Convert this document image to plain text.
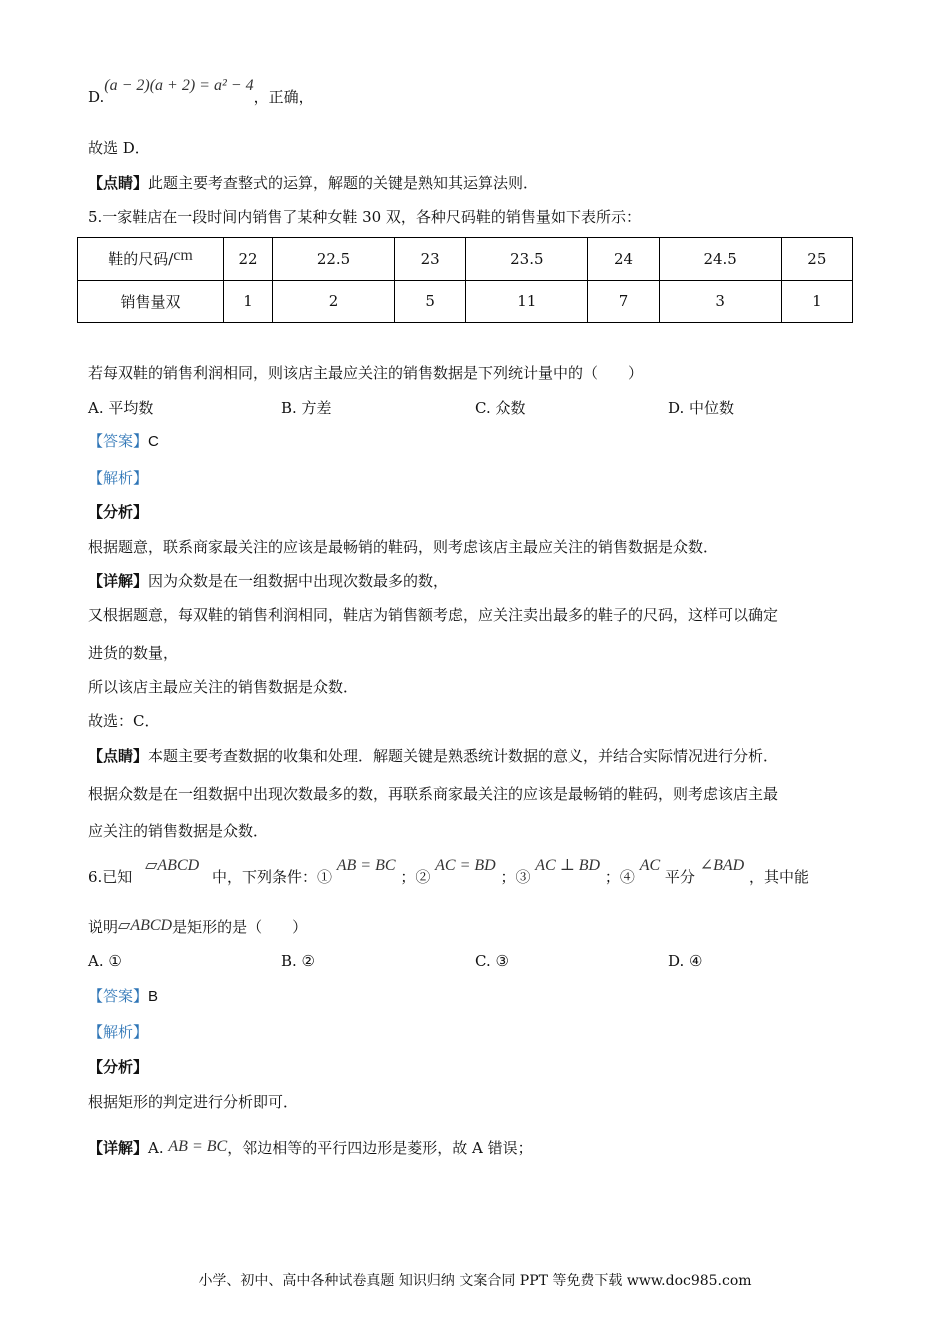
D.(a − 2)(a + 2) = a² − 4，正确，
故选 D．
【点睛】此题主要考查整式的运算，解题的关键是熟知其运算法则．
5.一家鞋店在一段时间内销售了某种女鞋 30 双，各种尺码鞋的销售量如下表所示：
鞋的尺码/cm	22	22.5	23	23.5	24	24.5	25
销售量双	1	2	5	11	7	3	1
若每双鞋的销售利润相同，则该店主最应关注的销售数据是下列统计量中的（　　）
A. 平均数	B. 方差	C. 众数	D. 中位数
【答案】C
【解析】
【分析】
根据题意，联系商家最关注的应该是最畅销的鞋码，则考虑该店主最应关注的销售数据是众数．
【详解】因为众数是在一组数据中出现次数最多的数，
又根据题意，每双鞋的销售利润相同，鞋店为销售额考虑，应关注卖出最多的鞋子的尺码，这样可以确定
进货的数量，
所以该店主最应关注的销售数据是众数．
故选：C．
【点睛】本题主要考查数据的收集和处理．解题关键是熟悉统计数据的意义，并结合实际情况进行分析．
根据众数是在一组数据中出现次数最多的数，再联系商家最关注的应该是最畅销的鞋码，则考虑该店主最
应关注的销售数据是众数．
6.已知 ▱ABCD 中，下列条件：① AB = BC ；② AC = BD ；③ AC ⊥ BD ；④ AC 平分 ∠BAD ，其中能
说明▱ABCD是矩形的是（　　）
A. ①	B. ②	C. ③	D. ④
【答案】B
【解析】
【分析】
根据矩形的判定进行分析即可．
【详解】A. AB = BC，邻边相等的平行四边形是菱形，故 A 错误；
小学、初中、高中各种试卷真题 知识归纳 文案合同 PPT 等免费下载 www.doc985.com
